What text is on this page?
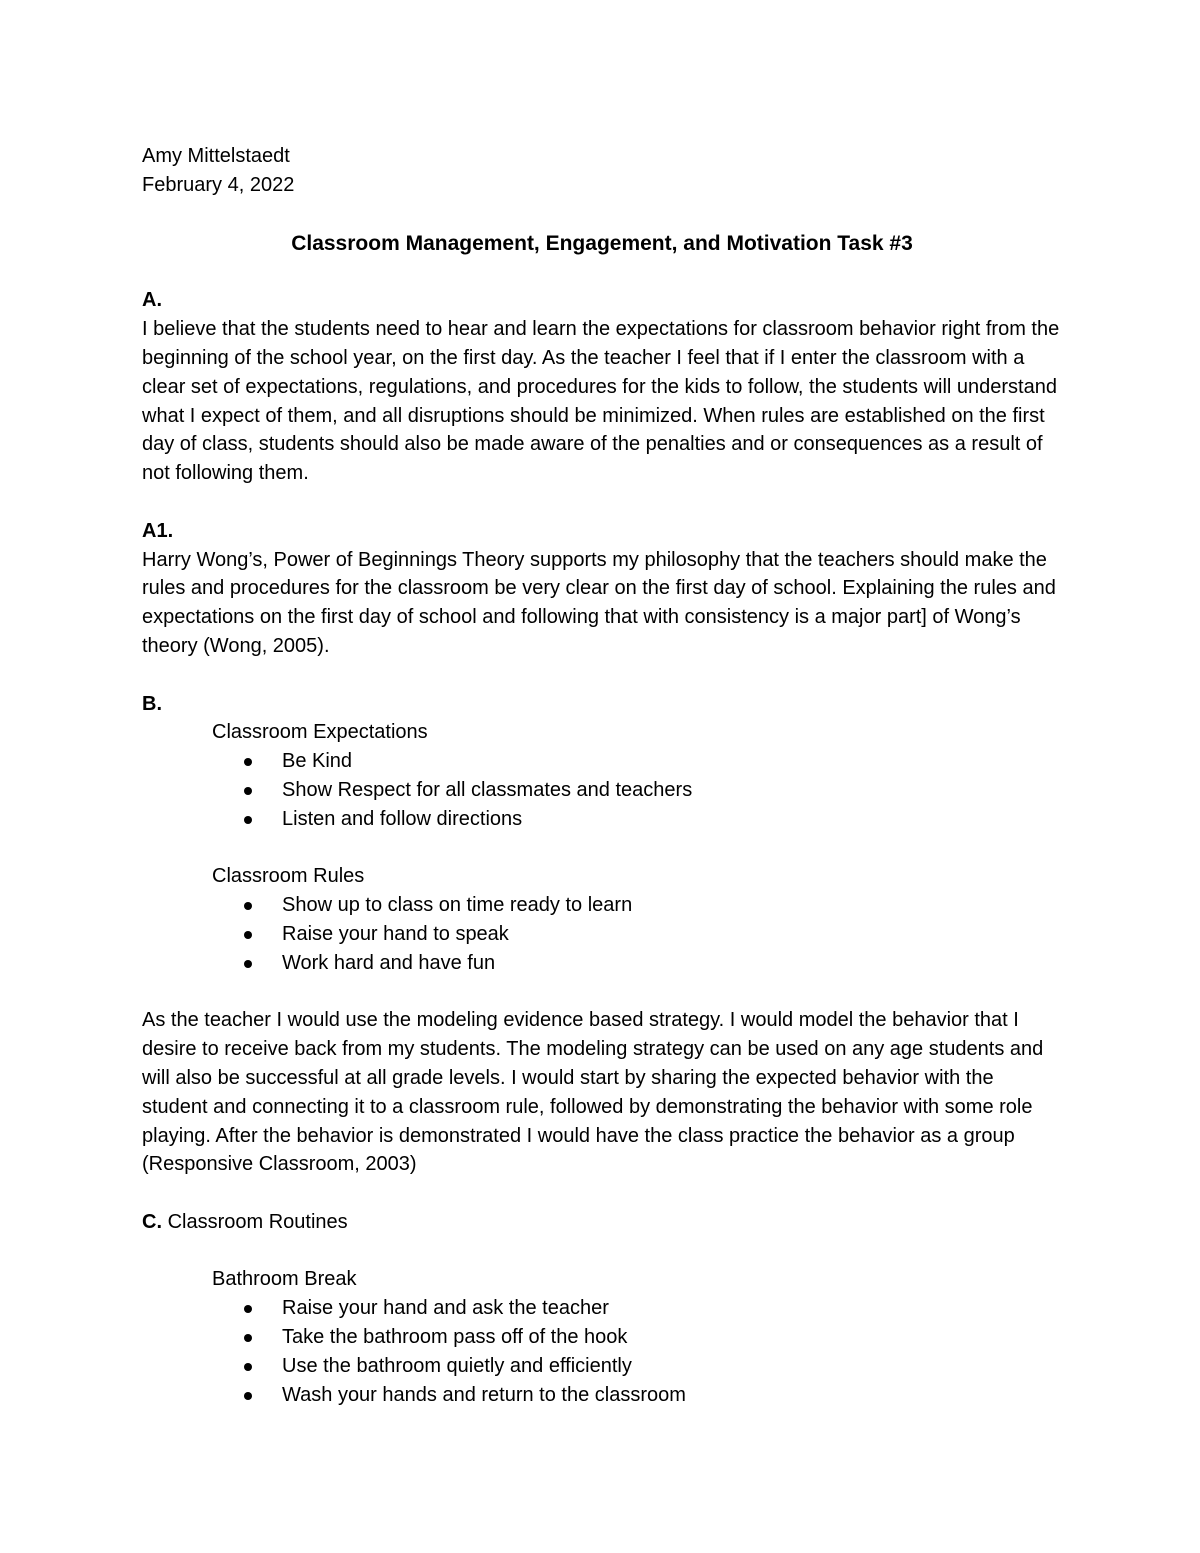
Amy Mittelstaedt

February 4, 2022

Classroom Management, Engagement, and Motivation Task #3

A.

I believe that the students need to hear and learn the expectations for classroom behavior right from the beginning of the school year, on the first day. As the teacher I feel that if I enter the classroom with a clear set of expectations, regulations, and procedures for the kids to follow, the students will understand what I expect of them, and all disruptions should be minimized. When rules are established on the first day of class, students should also be made aware of the penalties and or consequences as a result of not following them.

A1.

Harry Wong’s, Power of Beginnings Theory supports my philosophy that the teachers should make the rules and procedures for the classroom be very clear on the first day of school. Explaining the rules and expectations on the first day of school and following that with consistency is a major part] of Wong’s theory (Wong, 2005).

B.

Classroom Expectations

Be Kind
Show Respect for all classmates and teachers
Listen and follow directions

Classroom Rules

Show up to class on time ready to learn
Raise your hand to speak
Work hard and have fun

As the teacher I would use the modeling evidence based strategy. I would model the behavior that I desire to receive back from my students. The modeling strategy can be used on any age students and will also be successful at all grade levels. I would start by sharing the expected behavior with the student and connecting it to a classroom rule, followed by demonstrating the behavior with some role playing. After the behavior is demonstrated I would have the class practice the behavior as a group (Responsive Classroom, 2003)

C. Classroom Routines

Bathroom Break

Raise your hand and ask the teacher
Take the bathroom pass off of the hook
Use the bathroom quietly and efficiently
Wash your hands and return to the classroom
